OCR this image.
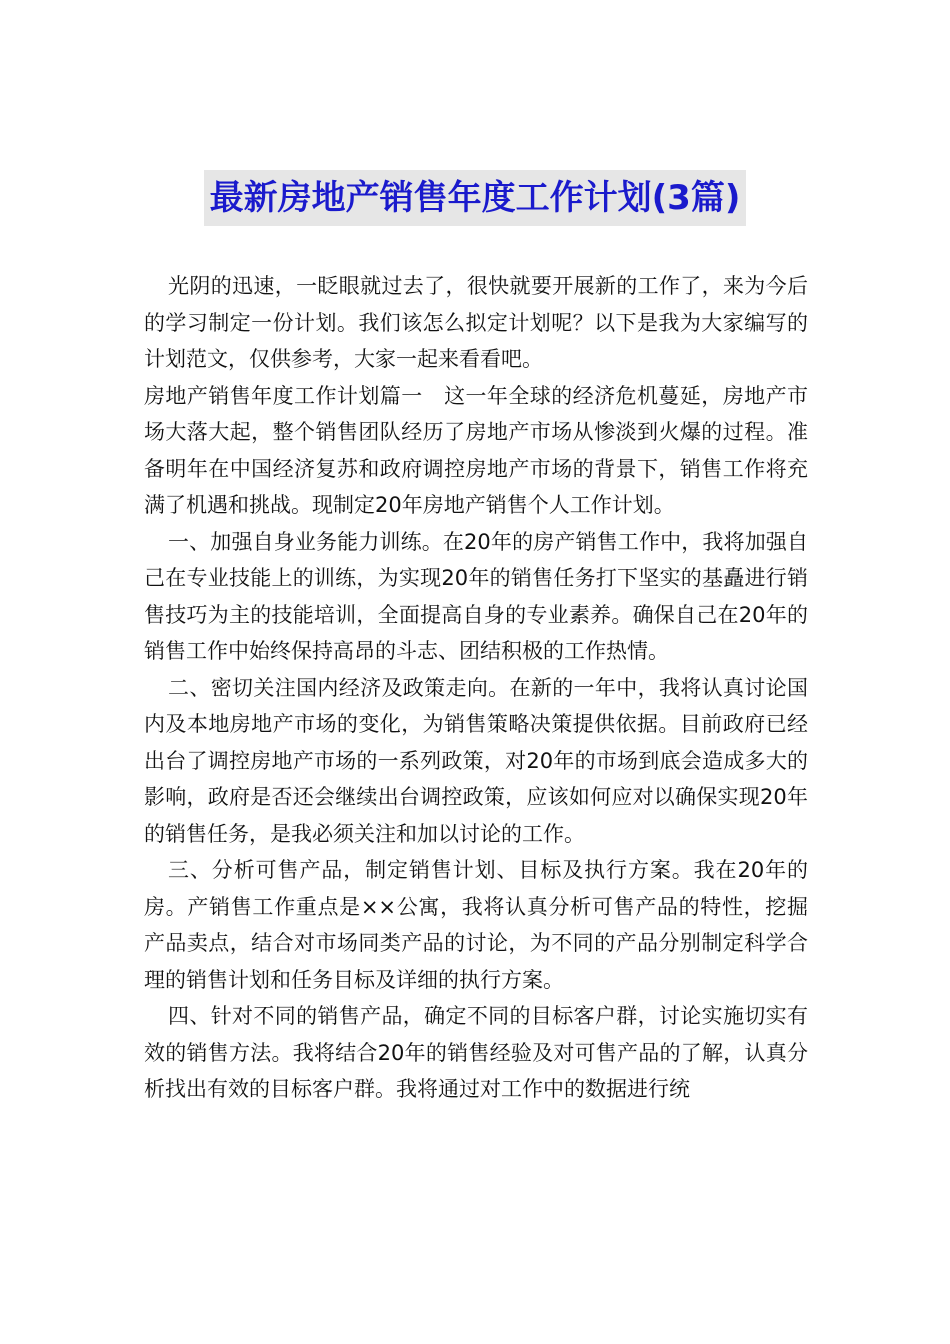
最新房地产销售年度工作计划(3篇)

光阴的迅速，一眨眼就过去了，很快就要开展新的工作了，来为今后的学习制定一份计划。我们该怎么拟定计划呢？以下是我为大家编写的计划范文，仅供参考，大家一起来看看吧。

房地产销售年度工作计划篇一　这一年全球的经济危机蔓延，房地产市场大落大起，整个销售团队经历了房地产市场从惨淡到火爆的过程。准备明年在中国经济复苏和政府调控房地产市场的背景下，销售工作将充满了机遇和挑战。现制定20年房地产销售个人工作计划。

一、加强自身业务能力训练。在20年的房产销售工作中，我将加强自己在专业技能上的训练，为实现20年的销售任务打下坚实的基矗进行销售技巧为主的技能培训，全面提高自身的专业素养。确保自己在20年的销售工作中始终保持高昂的斗志、团结积极的工作热情。

二、密切关注国内经济及政策走向。在新的一年中，我将认真讨论国内及本地房地产市场的变化，为销售策略决策提供依据。目前政府已经出台了调控房地产市场的一系列政策，对20年的市场到底会造成多大的影响，政府是否还会继续出台调控政策，应该如何应对以确保实现20年的销售任务，是我必须关注和加以讨论的工作。

三、分析可售产品，制定销售计划、目标及执行方案。我在20年的房。产销售工作重点是××公寓，我将认真分析可售产品的特性，挖掘产品卖点，结合对市场同类产品的讨论，为不同的产品分别制定科学合理的销售计划和任务目标及详细的执行方案。

四、针对不同的销售产品，确定不同的目标客户群，讨论实施切实有效的销售方法。我将结合20年的销售经验及对可售产品的了解，认真分析找出有效的目标客户群。我将通过对工作中的数据进行统
